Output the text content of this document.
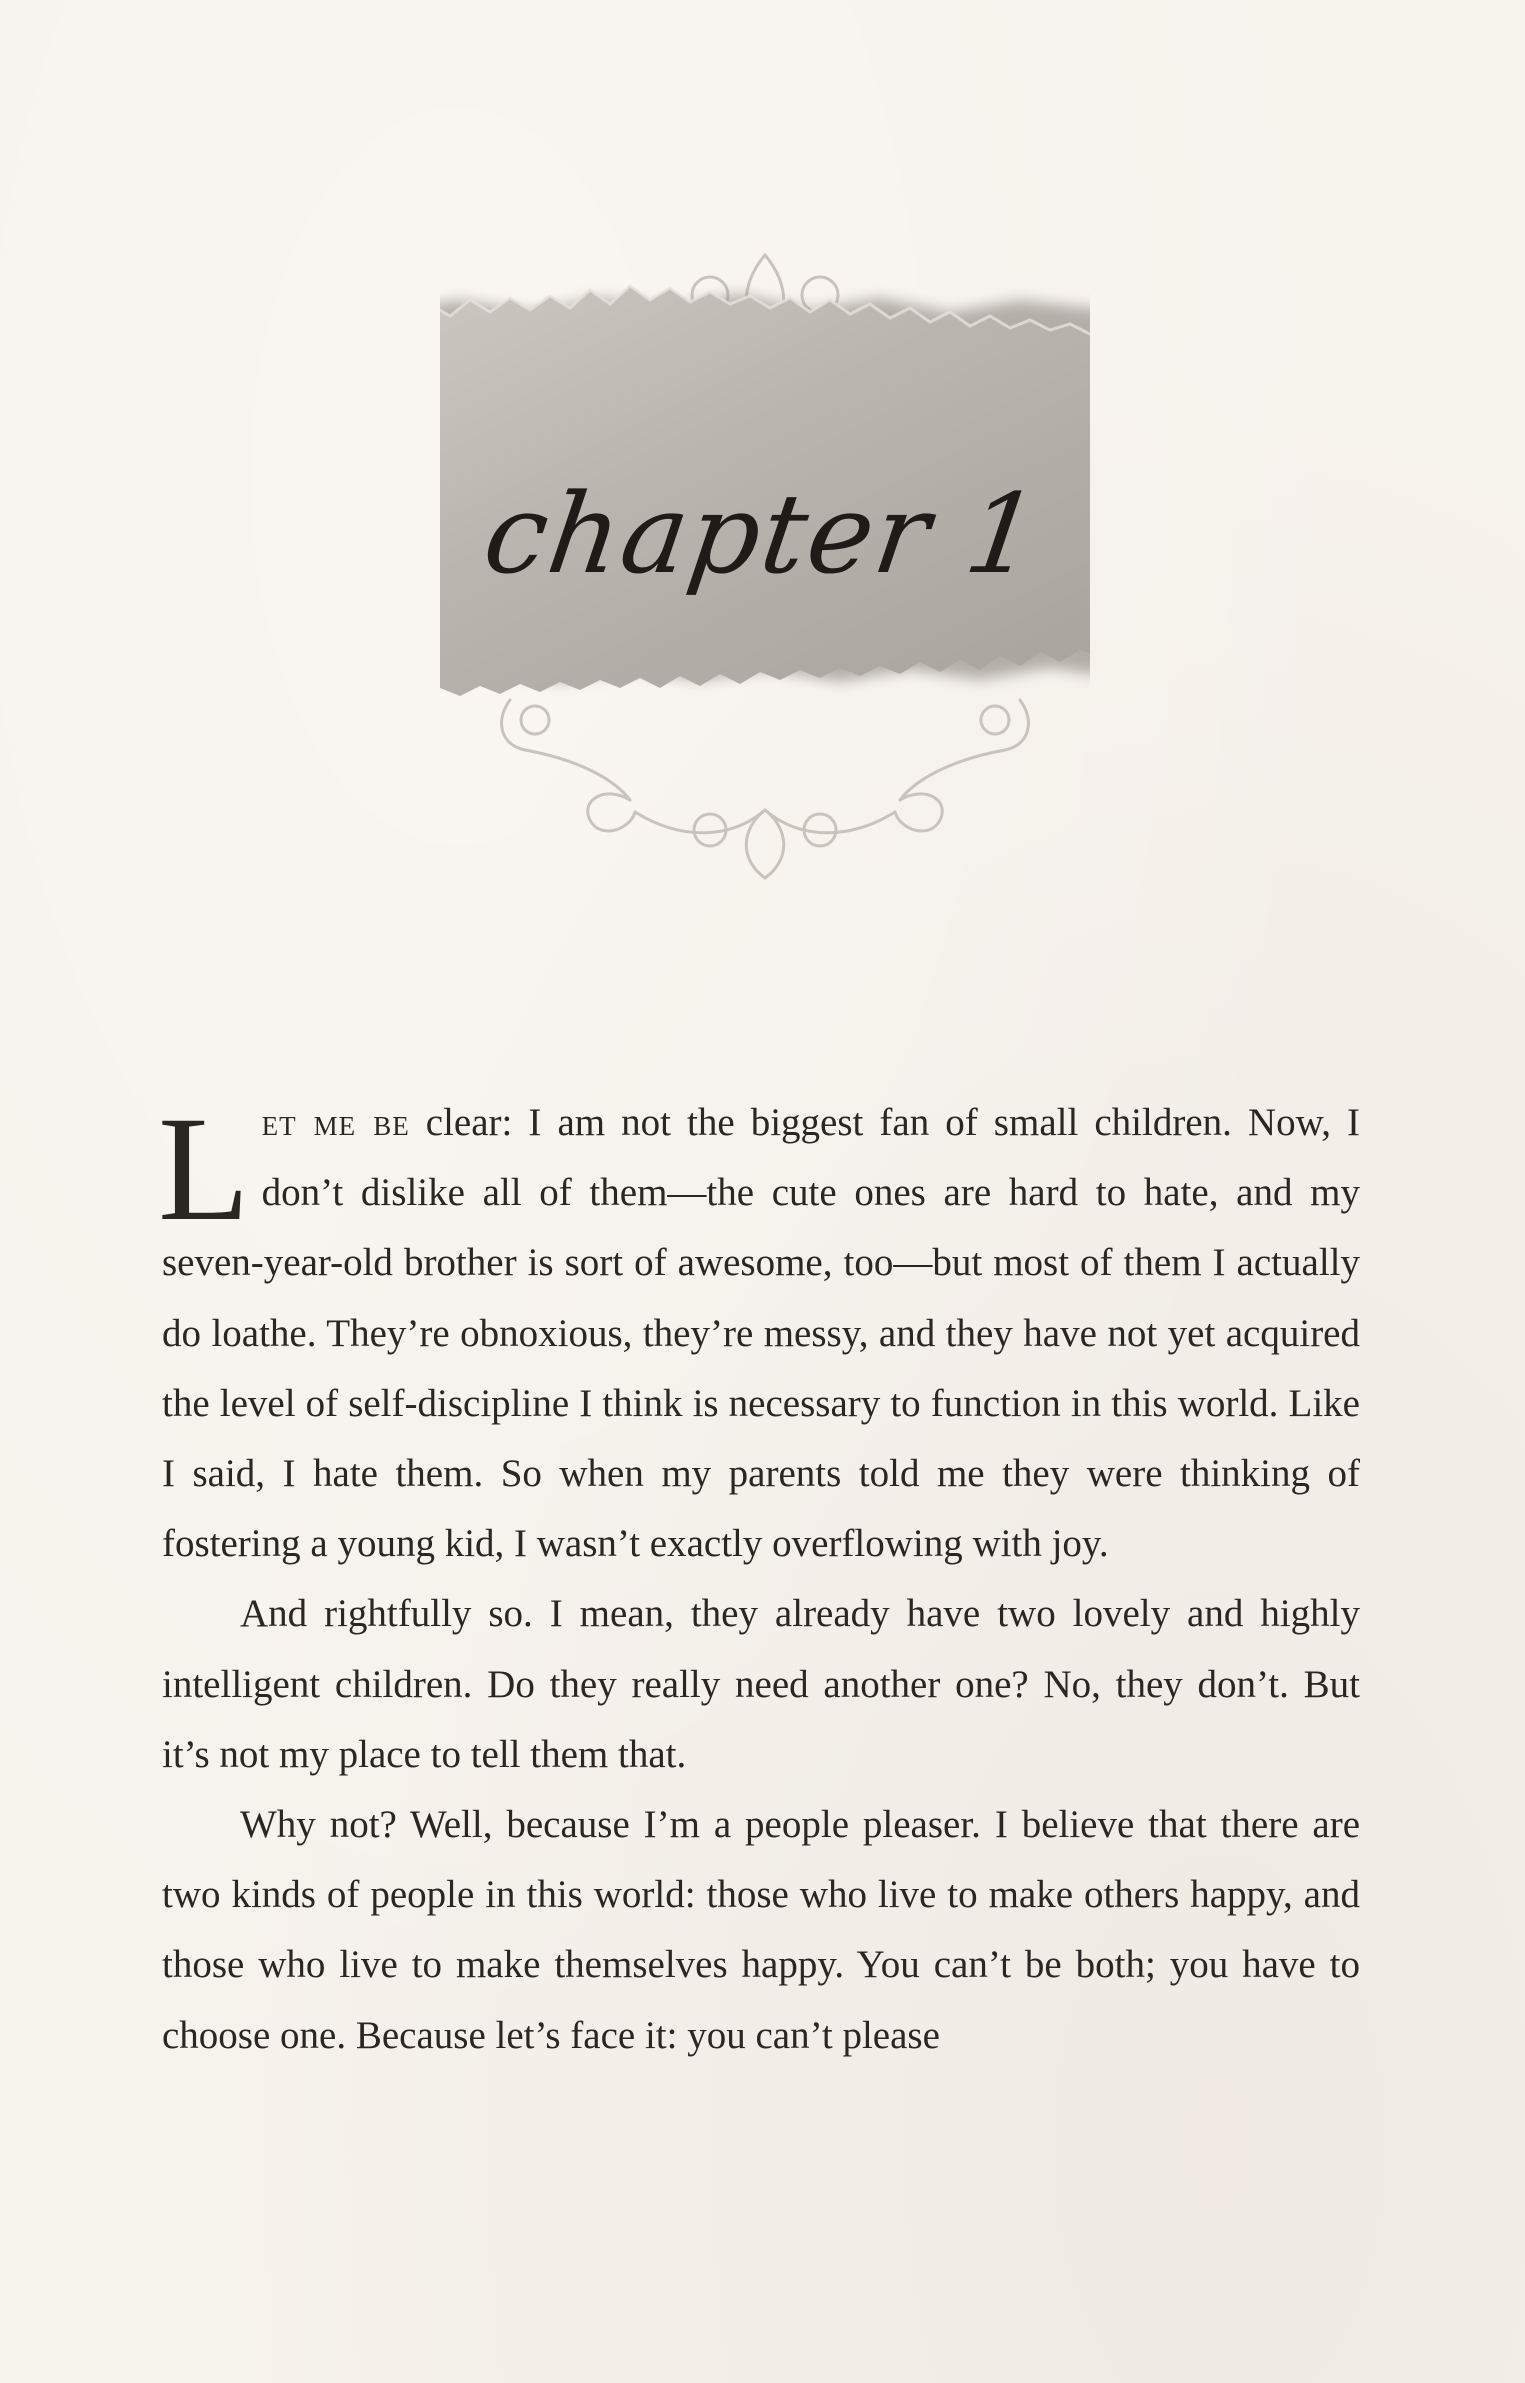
chapter 1

Let me be clear: I am not the biggest fan of small children. Now, I don’t dislike all of them—the cute ones are hard to hate, and my seven-year-old brother is sort of awesome, too—but most of them I actually do loathe. They’re obnoxious, they’re messy, and they have not yet acquired the level of self-discipline I think is necessary to function in this world. Like I said, I hate them. So when my parents told me they were thinking of fostering a young kid, I wasn’t exactly overflowing with joy.

And rightfully so. I mean, they already have two lovely and highly intelligent children. Do they really need another one? No, they don’t. But it’s not my place to tell them that.

Why not? Well, because I’m a people pleaser. I believe that there are two kinds of people in this world: those who live to make others happy, and those who live to make themselves happy. You can’t be both; you have to choose one. Because let’s face it: you can’t please
